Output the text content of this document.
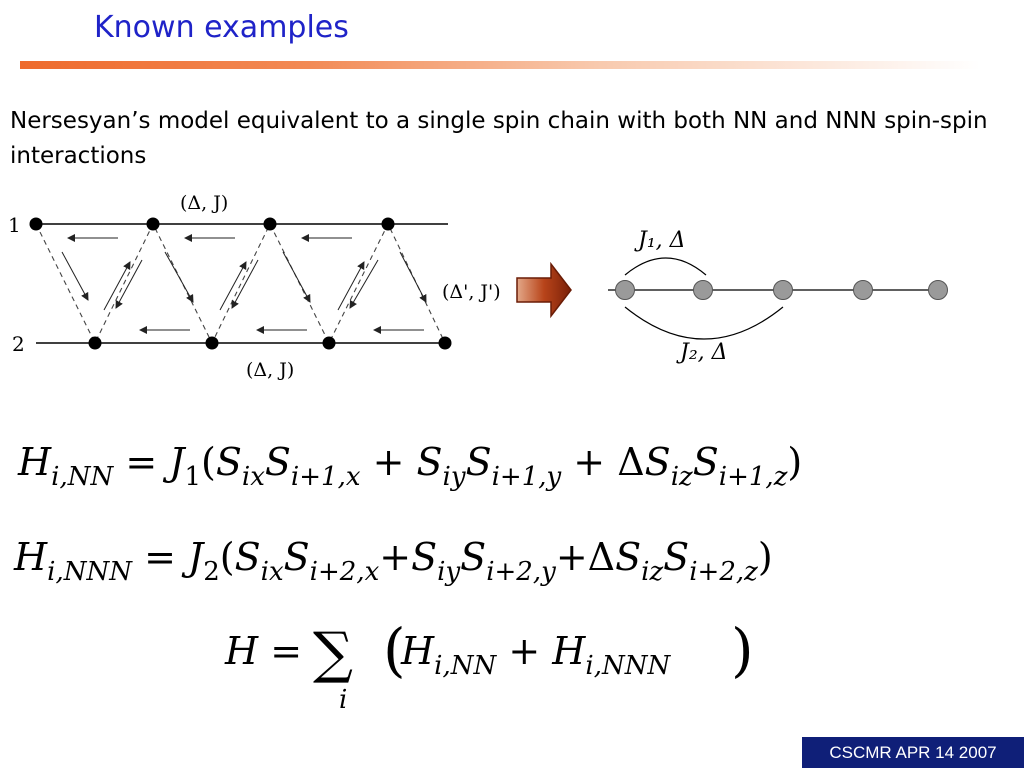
Known examples
Nersesyan’s model equivalent to a single spin chain with both NN and NNN spin-spin interactions
1
2
(Δ, J)
(Δ', J')
(Δ, J)
J₁, Δ
J₂, Δ
$H_{i,NN} = J_1(S_{ix}S_{i+1,x} + S_{iy}S_{i+1,y} + \Delta S_{iz}S_{i+1,z})$
$H_{i,NNN} = J_2(S_{ix}S_{i+2,x}+S_{iy}S_{i+2,y}+\Delta S_{iz}S_{i+2,z})$
H = ∑
i
(
$H_{i,NN} + H_{i,NNN}$ )
CSCMR APR 14 2007
